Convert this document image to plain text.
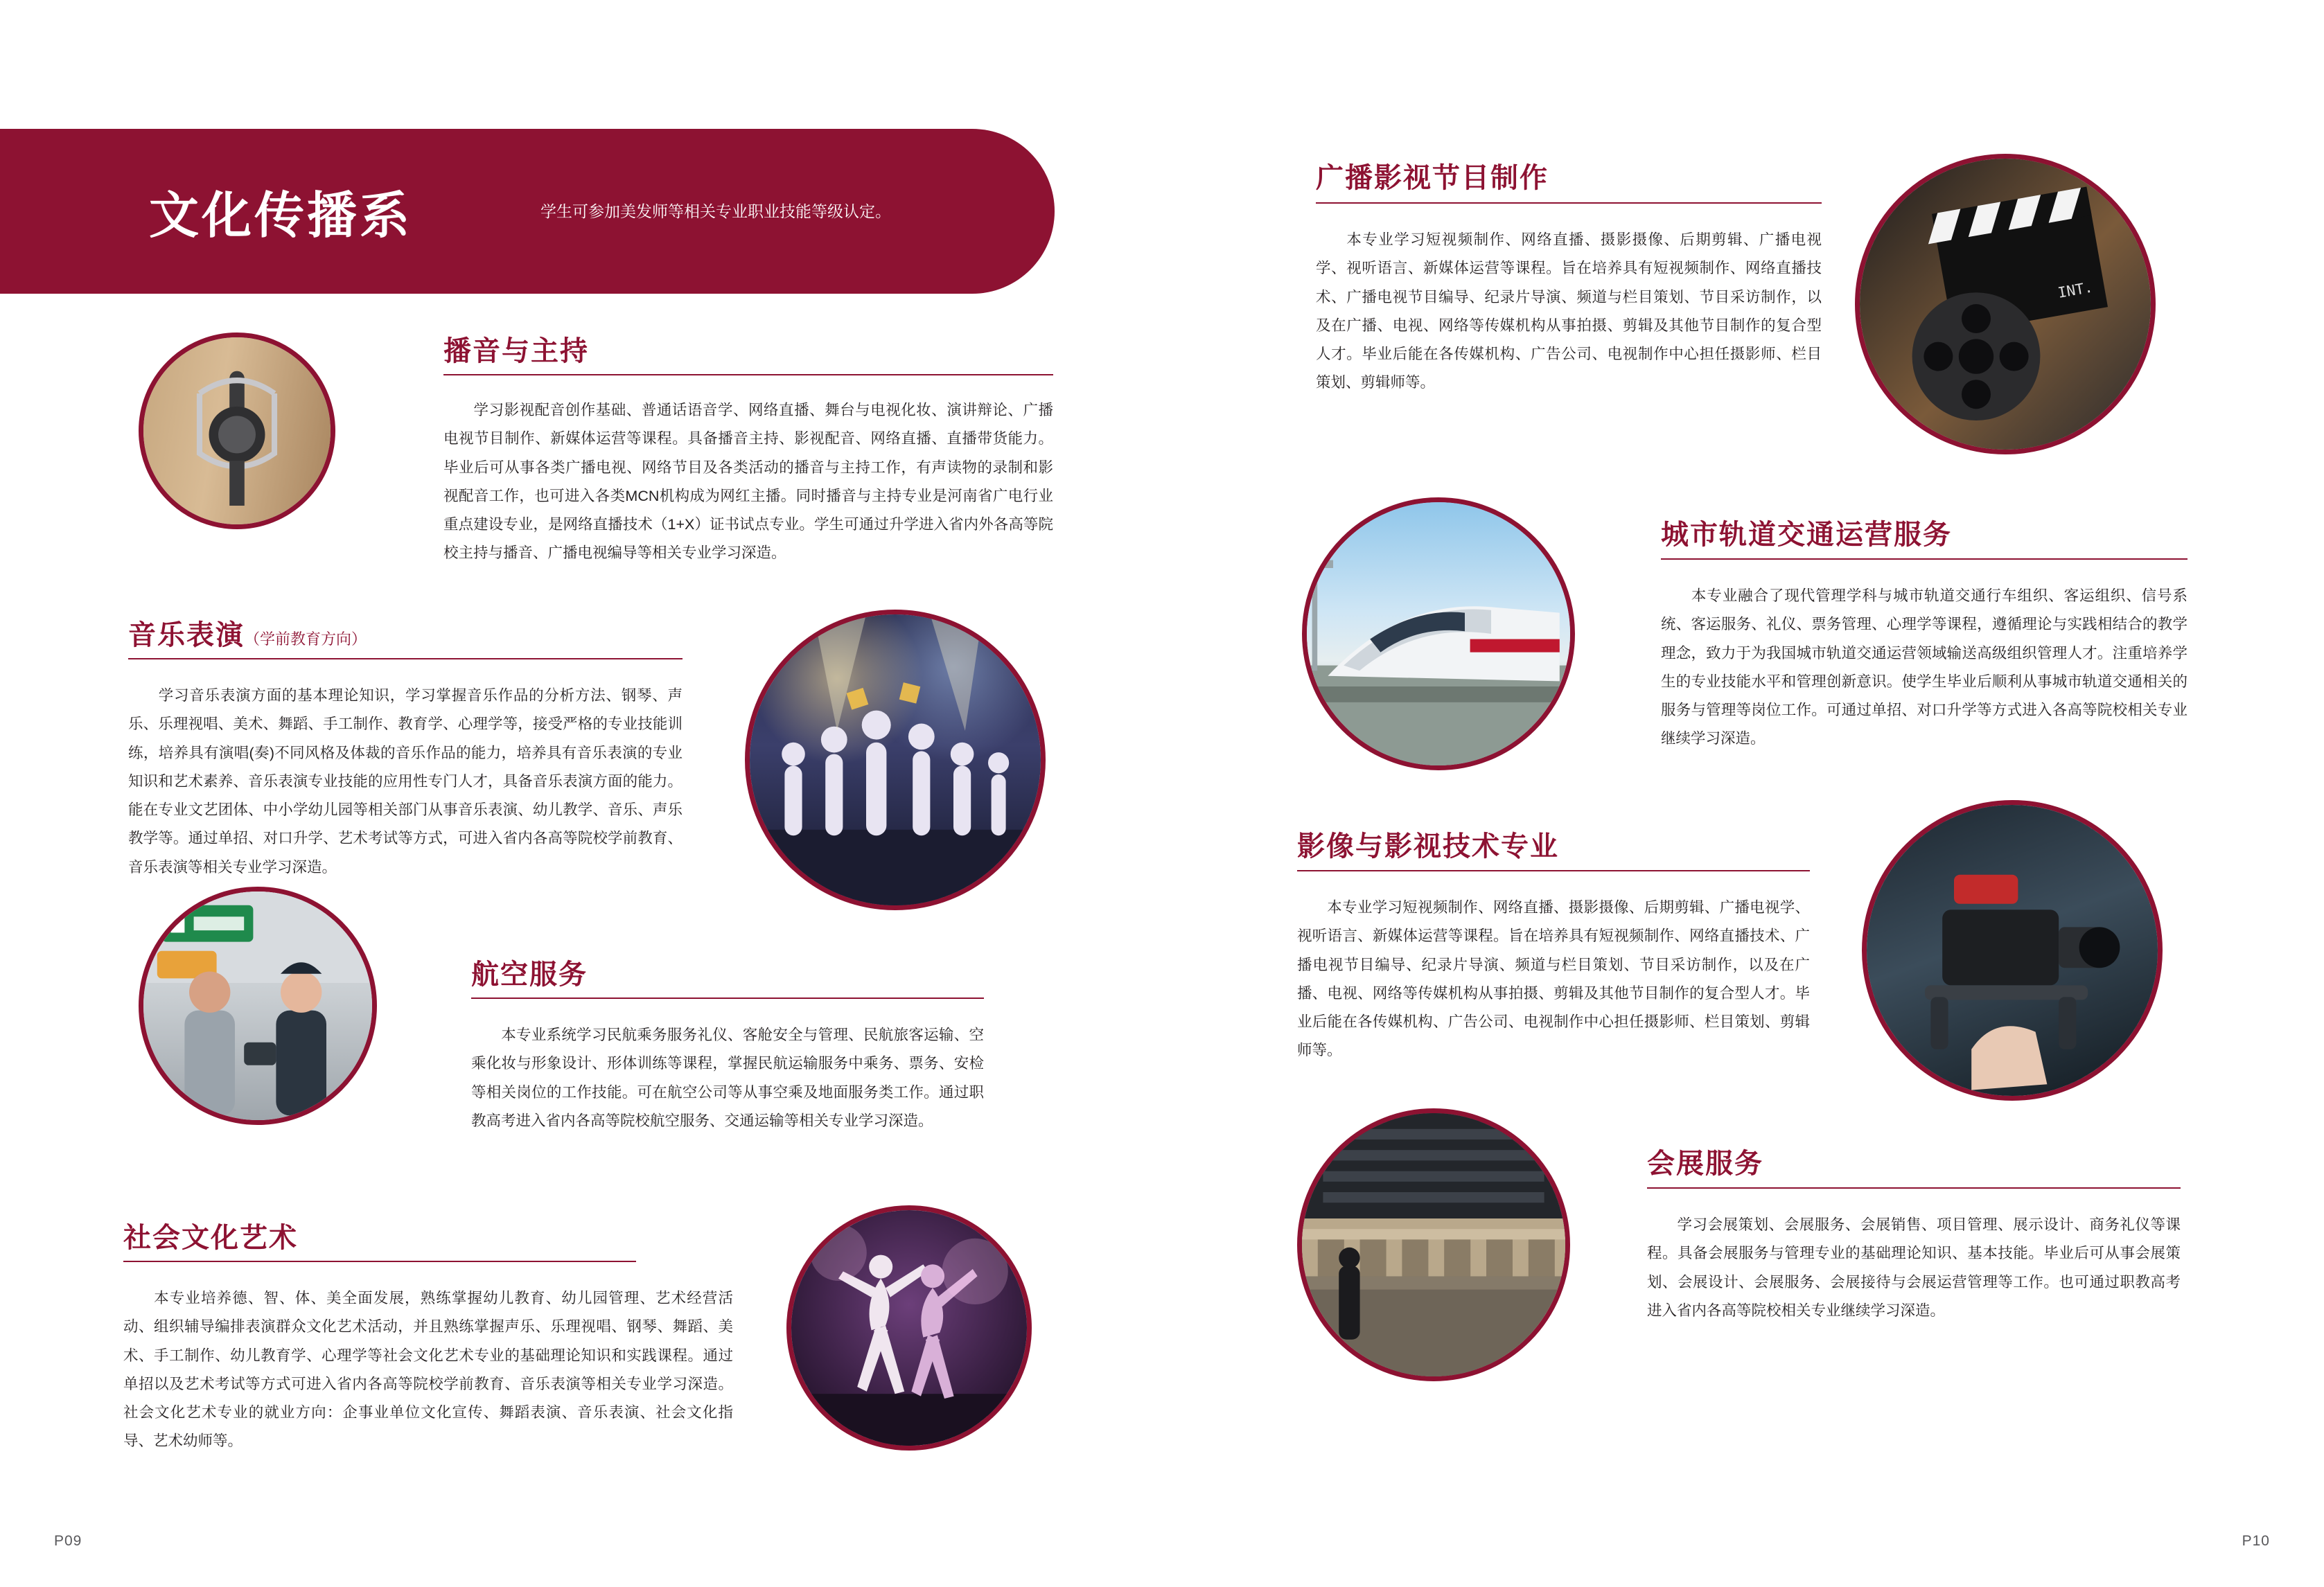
文化传播系	学生可参加美发师等相关专业职业技能等级认定。
播音与主持
学习影视配音创作基础、普通话语音学、网络直播、舞台与电视化妆、演讲辩论、广播电视节目制作、新媒体运营等课程。具备播音主持、影视配音、网络直播、直播带货能力。毕业后可从事各类广播电视、网络节目及各类活动的播音与主持工作，有声读物的录制和影视配音工作，也可进入各类MCN机构成为网红主播。同时播音与主持专业是河南省广电行业重点建设专业，是网络直播技术（1+X）证书试点专业。学生可通过升学进入省内外各高等院校主持与播音、广播电视编导等相关专业学习深造。
音乐表演（学前教育方向）
学习音乐表演方面的基本理论知识，学习掌握音乐作品的分析方法、钢琴、声乐、乐理视唱、美术、舞蹈、手工制作、教育学、心理学等，接受严格的专业技能训练，培养具有演唱(奏)不同风格及体裁的音乐作品的能力，培养具有音乐表演的专业知识和艺术素养、音乐表演专业技能的应用性专门人才，具备音乐表演方面的能力。能在专业文艺团体、中小学幼儿园等相关部门从事音乐表演、幼儿教学、音乐、声乐教学等。通过单招、对口升学、艺术考试等方式，可进入省内各高等院校学前教育、音乐表演等相关专业学习深造。
航空服务
本专业系统学习民航乘务服务礼仪、客舱安全与管理、民航旅客运输、空乘化妆与形象设计、形体训练等课程，掌握民航运输服务中乘务、票务、安检等相关岗位的工作技能。可在航空公司等从事空乘及地面服务类工作。通过职教高考进入省内各高等院校航空服务、交通运输等相关专业学习深造。
社会文化艺术
本专业培养德、智、体、美全面发展，熟练掌握幼儿教育、幼儿园管理、艺术经营活动、组织辅导编排表演群众文化艺术活动，并且熟练掌握声乐、乐理视唱、钢琴、舞蹈、美术、手工制作、幼儿教育学、心理学等社会文化艺术专业的基础理论知识和实践课程。通过单招以及艺术考试等方式可进入省内各高等院校学前教育、音乐表演等相关专业学习深造。社会文化艺术专业的就业方向：企事业单位文化宣传、舞蹈表演、音乐表演、社会文化指导、艺术幼师等。
P09
广播影视节目制作
本专业学习短视频制作、网络直播、摄影摄像、后期剪辑、广播电视学、视听语言、新媒体运营等课程。旨在培养具有短视频制作、网络直播技术、广播电视节目编导、纪录片导演、频道与栏目策划、节目采访制作，以及在广播、电视、网络等传媒机构从事拍摄、剪辑及其他节目制作的复合型人才。毕业后能在各传媒机构、广告公司、电视制作中心担任摄影师、栏目策划、剪辑师等。
INT.
城市轨道交通运营服务
本专业融合了现代管理学科与城市轨道交通行车组织、客运组织、信号系统、客运服务、礼仪、票务管理、心理学等课程，遵循理论与实践相结合的教学理念，致力于为我国城市轨道交通运营领域输送高级组织管理人才。注重培养学生的专业技能水平和管理创新意识。使学生毕业后顺利从事城市轨道交通相关的服务与管理等岗位工作。可通过单招、对口升学等方式进入各高等院校相关专业继续学习深造。
影像与影视技术专业
本专业学习短视频制作、网络直播、摄影摄像、后期剪辑、广播电视学、视听语言、新媒体运营等课程。旨在培养具有短视频制作、网络直播技术、广播电视节目编导、纪录片导演、频道与栏目策划、节目采访制作，以及在广播、电视、网络等传媒机构从事拍摄、剪辑及其他节目制作的复合型人才。毕业后能在各传媒机构、广告公司、电视制作中心担任摄影师、栏目策划、剪辑师等。
会展服务
学习会展策划、会展服务、会展销售、项目管理、展示设计、商务礼仪等课程。具备会展服务与管理专业的基础理论知识、基本技能。毕业后可从事会展策划、会展设计、会展服务、会展接待与会展运营管理等工作。也可通过职教高考进入省内各高等院校相关专业继续学习深造。
P10
